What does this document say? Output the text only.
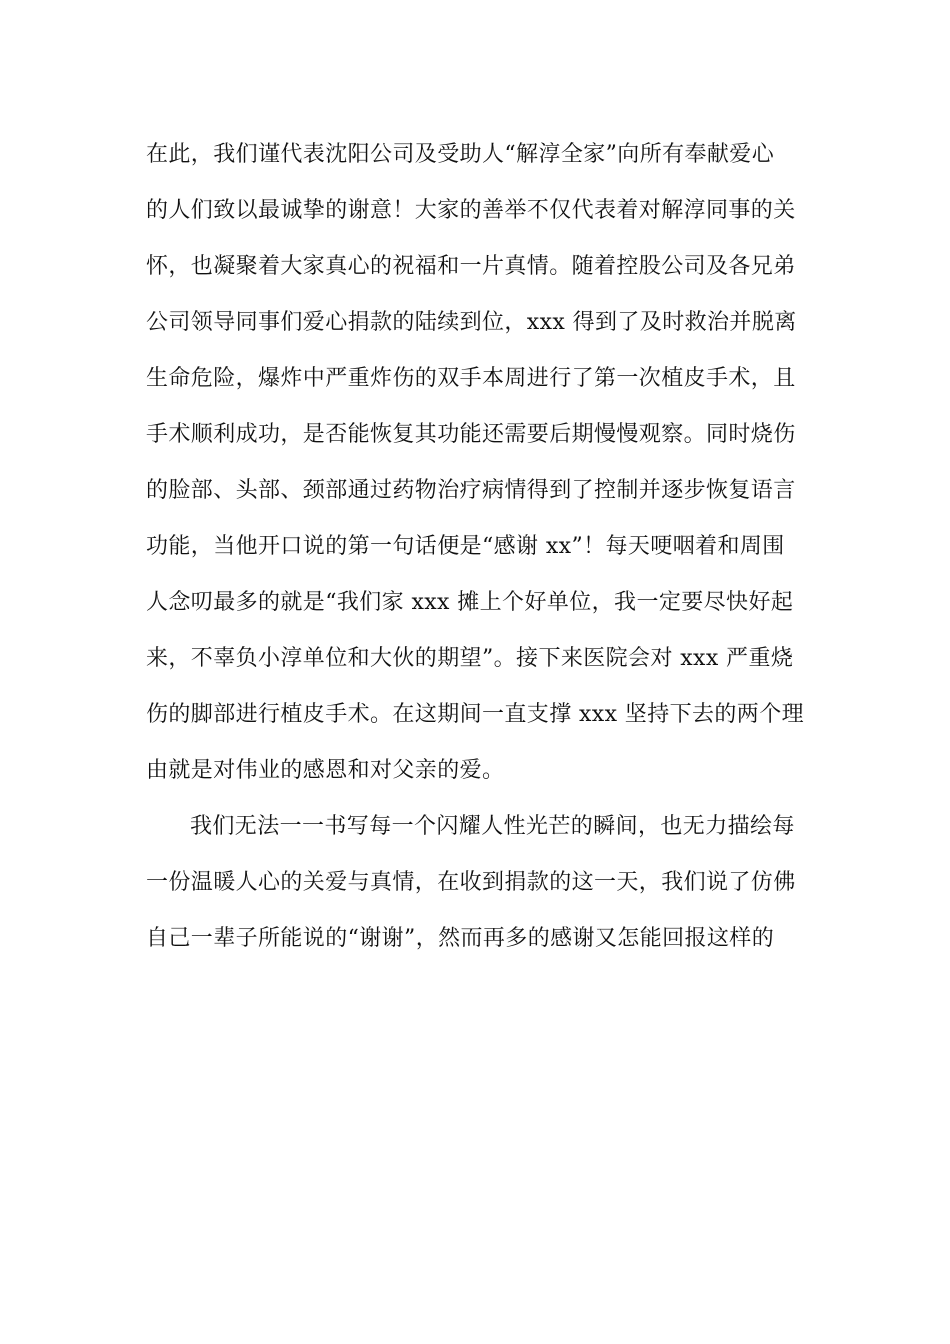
在此，我们谨代表沈阳公司及受助人“解淳全家”向所有奉献爱心
的人们致以最诚挚的谢意！大家的善举不仅代表着对解淳同事的关
怀，也凝聚着大家真心的祝福和一片真情。随着控股公司及各兄弟
公司领导同事们爱心捐款的陆续到位，xxx 得到了及时救治并脱离
生命危险，爆炸中严重炸伤的双手本周进行了第一次植皮手术，且
手术顺利成功，是否能恢复其功能还需要后期慢慢观察。同时烧伤
的脸部、头部、颈部通过药物治疗病情得到了控制并逐步恢复语言
功能，当他开口说的第一句话便是“感谢 xx”！每天哽咽着和周围
人念叨最多的就是“我们家 xxx 摊上个好单位，我一定要尽快好起
来，不辜负小淳单位和大伙的期望”。接下来医院会对 xxx 严重烧
伤的脚部进行植皮手术。在这期间一直支撑 xxx 坚持下去的两个理
由就是对伟业的感恩和对父亲的爱。
我们无法一一书写每一个闪耀人性光芒的瞬间，也无力描绘每
一份温暖人心的关爱与真情，在收到捐款的这一天，我们说了仿佛
自己一辈子所能说的“谢谢”，然而再多的感谢又怎能回报这样的
